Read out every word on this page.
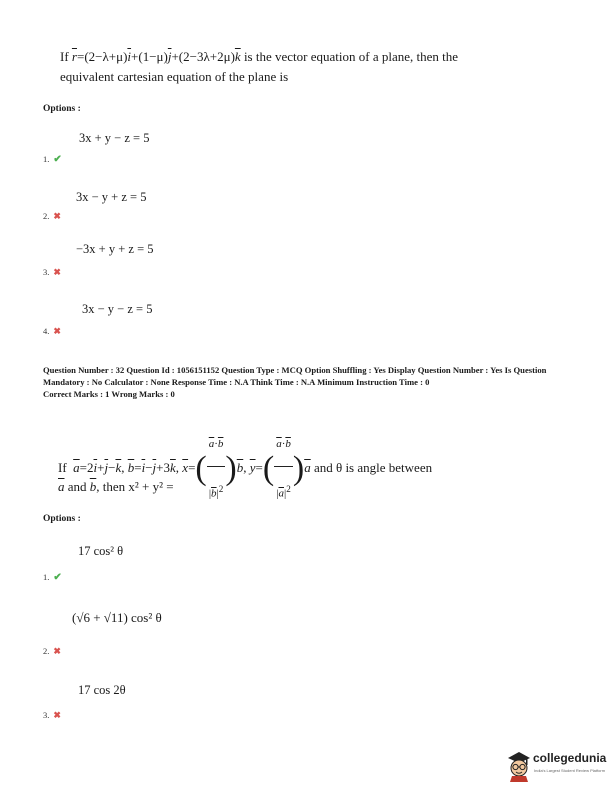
If $\overline{r}=(2-\lambda+\mu)\overline{i}+(1-\mu)\overline{j}+(2-3\lambda+2\mu)\overline{k}$ is the vector equation of a plane, then the
equivalent cartesian equation of the plane is
Options :
3x + y − z = 5
1. ✔
3x − y + z = 5
2. ✖
−3x + y + z = 5
3. ✖
3x − y − z = 5
4. ✖
Question Number : 32 Question Id : 1056151152 Question Type : MCQ Option Shuffling : Yes Display Question Number : Yes Is Question Mandatory : No Calculator : None Response Time : N.A Think Time : N.A Minimum Instruction Time : 0
Correct Marks : 1 Wrong Marks : 0
If $\overline{a}=2\overline{i}+\overline{j}-\overline{k}$, $\overline{b}=\overline{i}-\overline{j}+3\overline{k}$, $\overline{x}=( \frac{\overline{a}\cdot\overline{b}}{|\overline{b}|^2} )\overline{b}$, $\overline{y}=( \frac{\overline{a}\cdot\overline{b}}{|\overline{a}|^2} )\overline{a}$ and θ is angle between
$\overline{a}$ and $\overline{b}$, then x² + y² =
Options :
17 cos² θ
1. ✔
(√6 + √11) cos² θ
2. ✖
17 cos 2θ
3. ✖
collegedunia
India's Largest Student Review Platform
